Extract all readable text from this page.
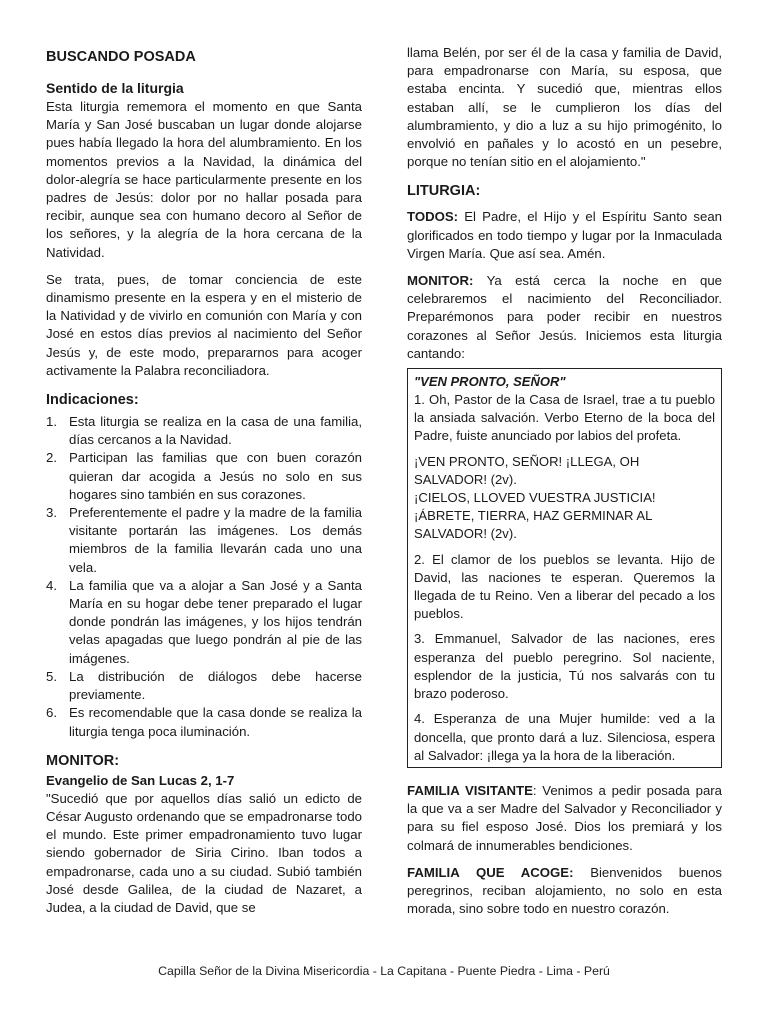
BUSCANDO POSADA
Sentido de la liturgia

Esta liturgia rememora el momento en que Santa María y San José buscaban un lugar donde alojarse pues había llegado la hora del alumbramiento. En los momentos previos a la Navidad, la dinámica del dolor-alegría se hace particularmente presente en los padres de Jesús: dolor por no hallar posada para recibir, aunque sea con humano decoro al Señor de los señores, y la alegría de la hora cercana de la Natividad.

Se trata, pues, de tomar conciencia de este dinamismo presente en la espera y en el misterio de la Natividad y de vivirlo en comunión con María y con José en estos días previos al nacimiento del Señor Jesús y, de este modo, prepararnos para acoger activamente la Palabra reconciliadora.

Indicaciones:
1. Esta liturgia se realiza en la casa de una familia, días cercanos a la Navidad.
2. Participan las familias que con buen corazón quieran dar acogida a Jesús no solo en sus hogares sino también en sus corazones.
3. Preferentemente el padre y la madre de la familia visitante portarán las imágenes. Los demás miembros de la familia llevarán cada uno una vela.
4. La familia que va a alojar a San José y a Santa María en su hogar debe tener preparado el lugar donde pondrán las imágenes, y los hijos tendrán velas apagadas que luego pondrán al pie de las imágenes.
5. La distribución de diálogos debe hacerse previamente.
6. Es recomendable que la casa donde se realiza la liturgia tenga poca iluminación.
MONITOR:
Evangelio de San Lucas 2, 1-7

"Sucedió que por aquellos días salió un edicto de César Augusto ordenando que se empadronarse todo el mundo. Este primer empadronamiento tuvo lugar siendo gobernador de Siria Cirino. Iban todos a empadronarse, cada uno a su ciudad. Subió también José desde Galilea, de la ciudad de Nazaret, a Judea, a la ciudad de David, que se

llama Belén, por ser él de la casa y familia de David, para empadronarse con María, su esposa, que estaba encinta. Y sucedió que, mientras ellos estaban allí, se le cumplieron los días del alumbramiento, y dio a luz a su hijo primogénito, lo envolvió en pañales y lo acostó en un pesebre, porque no tenían sitio en el alojamiento."

LITURGIA:

TODOS: El Padre, el Hijo y el Espíritu Santo sean glorificados en todo tiempo y lugar por la Inmaculada Virgen María. Que así sea. Amén.

MONITOR: Ya está cerca la noche en que celebraremos el nacimiento del Reconciliador. Preparémonos para poder recibir en nuestros corazones al Señor Jesús. Iniciemos esta liturgia cantando:

"VEN PRONTO, SEÑOR"

1. Oh, Pastor de la Casa de Israel, trae a tu pueblo la ansiada salvación. Verbo Eterno de la boca del Padre, fuiste anunciado por labios del profeta.

¡VEN PRONTO, SEÑOR! ¡LLEGA, OH SALVADOR! (2v).

¡CIELOS, LLOVED VUESTRA JUSTICIA!

¡ÁBRETE, TIERRA, HAZ GERMINAR AL SALVADOR! (2v).

2. El clamor de los pueblos se levanta. Hijo de David, las naciones te esperan. Queremos la llegada de tu Reino. Ven a liberar del pecado a los pueblos.

3. Emmanuel, Salvador de las naciones, eres esperanza del pueblo peregrino. Sol naciente, esplendor de la justicia, Tú nos salvarás con tu brazo poderoso.

4. Esperanza de una Mujer humilde: ved a la doncella, que pronto dará a luz. Silenciosa, espera al Salvador: ¡llega ya la hora de la liberación.

FAMILIA VISITANTE: Venimos a pedir posada para la que va a ser Madre del Salvador y Reconciliador y para su fiel esposo José. Dios los premiará y los colmará de innumerables bendiciones.

FAMILIA QUE ACOGE: Bienvenidos buenos peregrinos, reciban alojamiento, no solo en esta morada, sino sobre todo en nuestro corazón.

Capilla Señor de la Divina Misericordia - La Capitana - Puente Piedra - Lima - Perú
